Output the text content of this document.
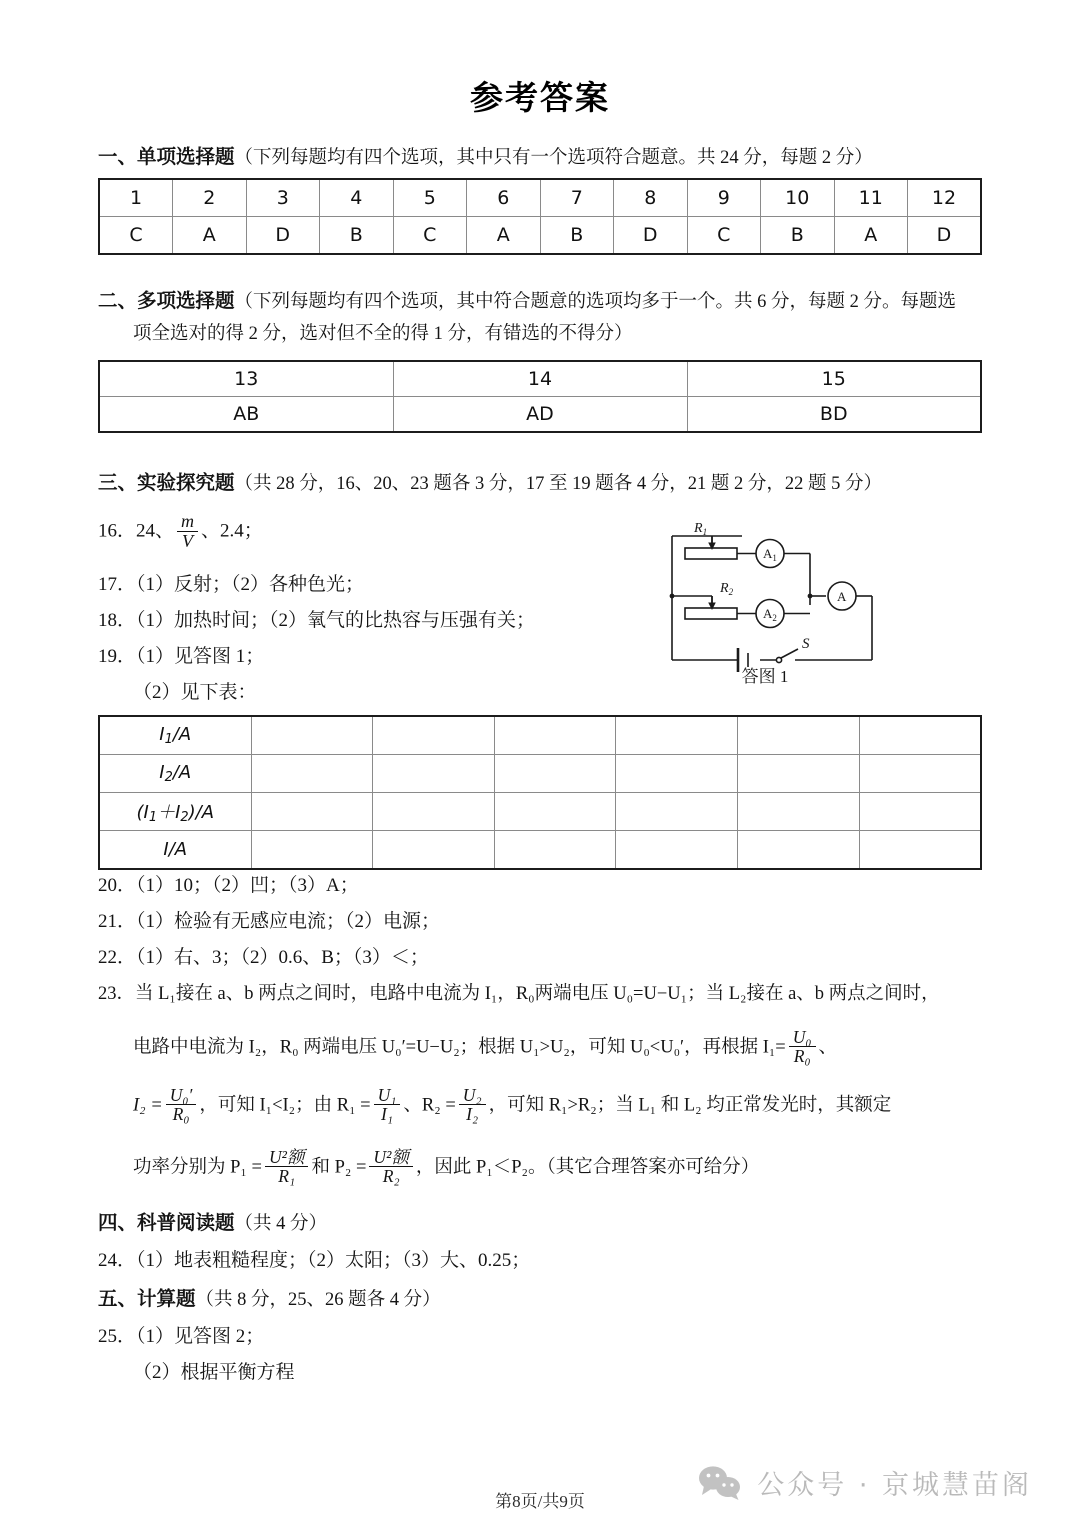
参考答案
一、单项选择题（下列每题均有四个选项，其中只有一个选项符合题意。共 24 分，每题 2 分）
1	2	3	4	5	6	7	8	9	10	11	12
C	A	D	B	C	A	B	D	C	B	A	D
二、多项选择题（下列每题均有四个选项，其中符合题意的选项均多于一个。共 6 分，每题 2 分。每题选
项全选对的得 2 分，选对但不全的得 1 分，有错选的不得分）
13	14	15
AB	AD	BD
三、实验探究题（共 28 分，16、20、23 题各 3 分，17 至 19 题各 4 分，21 题 2 分，22 题 5 分）
16．24、 $\frac{m}{V}$ 、2.4；
17．（1）反射；（2）各种色光；
18．（1）加热时间；（2）氧气的比热容与压强有关；
19．（1）见答图 1；
（2）见下表：
$R_1$
$R_2$
$A_1$
$A_2$
A
S
答图 1
I1/A						
I2/A						
(I1＋I2)/A						
I/A						
20．（1）10；（2）凹；（3）A；
21．（1）检验有无感应电流；（2）电源；
22．（1）右、3；（2）0.6、B；（3）＜；
23．当 L₁接在 a、b 两点之间时，电路中电流为 I₁，R₀两端电压 U₀=U−U₁；当 L₂接在 a、b 两点之间时，
电路中电流为 I₂，R₀ 两端电压 U₀′=U−U₂；根据 U₁>U₂，可知 U₀<U₀′，再根据 $I_1= \frac{\text{U₀}}{\text{R₀}}$ 、
$I_2 = \frac{\text{U₀′}}{\text{R₀}}$ ，可知 I₁<I₂；由 $R_1 = \frac{\text{U₁}}{\text{I₁}}$ 、$R_2 = \frac{\text{U₂}}{\text{I₂}}$ ，可知 R₁>R₂；当 L₁ 和 L₂ 均正常发光时，其额定
功率分别为 $P_1 = \frac{\text{U²额}}{\text{R₁}}$ 和 $P_2 = \frac{\text{U²额}}{\text{R₂}}$ ，因此 P₁＜P₂。（其它合理答案亦可给分）
四、科普阅读题（共 4 分）
24．（1）地表粗糙程度；（2）太阳；（3）大、0.25；
五、计算题（共 8 分，25、26 题各 4 分）
25．（1）见答图 2；
（2）根据平衡方程
第8页/共9页
公众号 · 京城慧苗阁
